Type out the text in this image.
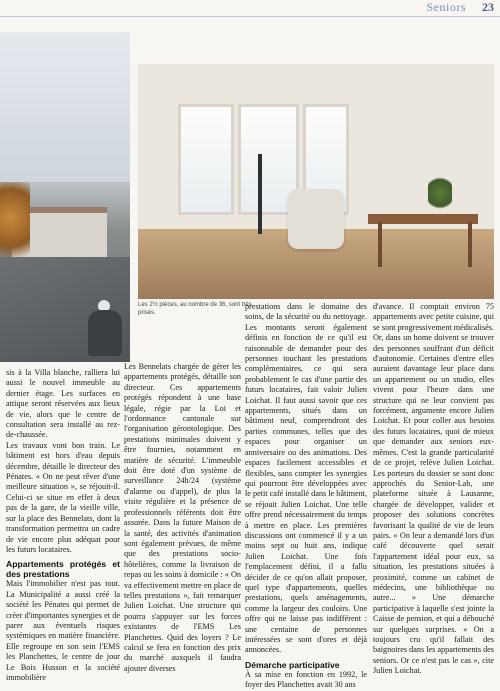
Seniors 23
Les 2½ pièces, au nombre de 36, sont très prisés.

sis à la Villa blanche, ralliera lui aussi le nouvel immeuble au dernier étage. Les surfaces en attique seront réservées aux lieux de vie, alors que le centre de consultation sera installé au rez-de-chaussée.

Les travaux vont bon train. Le bâtiment est hors d'eau depuis décembre, détaille le directeur des Pénates. « On ne peut rêver d'une meilleure situation », se réjouit-il. Celui-ci se situe en effet à deux pas de la gare, de la vieille ville, sur la place des Bennelats, dont la transformation permettra un cadre de vie encore plus adéquat pour les futurs locataires.

Appartements protégés et des prestations

Mais l'immobilier n'est pas tout. La Municipalité a aussi créé la société les Pénates qui permet de créer d'importantes synergies et de parer aux éventuels risques systémiques en matière financière. Elle regroupe en son sein l'EMS les Planchettes, le centre de jour Le Bois Husson et la société immobilière

Les Bennelats chargée de gérer les appartements protégés, détaille son directeur. Ces appartements protégés répondent à une base légale, régie par la Loi et l'ordonnance cantonale sur l'organisation gérontologique. Des prestations minimales doivent y être fournies, notamment en matière de sécurité. L'immeuble doit être doté d'un système de surveillance 24h/24 (système d'alarme ou d'appel), de plus la visite régulière et la présence de professionnels référents doit être assurée. Dans la future Maison de la santé, des activités d'animation sont également prévues, de même que des prestations socio-hôtelières, comme la livraison de repas ou les soins à domicile : « On va effectivement mettre en place de telles prestations », fait remarquer Julien Loichat. Une structure qui pourra s'appuyer sur les forces existantes de l'EMS Les Planchettes. Quid des loyers ? Le calcul se fera en fonction des prix du marché auxquels il faudra ajouter diverses

prestations dans le domaine des soins, de la sécurité ou du nettoyage. Les montants seront également définis en fonction de ce qu'il est raisonnable de demander pour des personnes touchant les prestations complémentaires, ce qui sera probablement le cas d'une partie des futurs locataires, fait valoir Julien Loichat. Il faut aussi savoir que ces appartements, situés dans un bâtiment neuf, comprendront des parties communes, telles que des espaces pour organiser un anniversaire ou des animations. Des espaces facilement accessibles et flexibles, sans compter les synergies qui pourront être développées avec le petit café installé dans le bâtiment, se réjouit Julien Loichat. Une telle offre prend nécessairement du temps à mettre en place. Les premières discussions ont commencé il y a un moins sept ou huit ans, indique Julien Loichat. Une fois l'emplacement défini, il a fallu décider de ce qu'on allait proposer, quel type d'appartements, quelles prestations, quels aménagements, comme la largeur des couloirs. Une offre qui ne laisse pas indifférent : une centaine de personnes intéressées se sont d'ores et déjà annoncées.

Démarche participative

À sa mise en fonction en 1992, le foyer des Planchettes avait 30 ans

d'avance. Il comptait environ 75 appartements avec petite cuisine, qui se sont progressivement médicalisés. Or, dans un home doivent se trouver des personnes souffrant d'un déficit d'autonomie. Certaines d'entre elles auraient davantage leur place dans un appartement ou un studio, elles vivent pour l'heure dans une structure qui ne leur convient pas forcément, argumente encore Julien Loichat. Et pour coller aux besoins des futurs locataires, quoi de mieux que demander aux seniors eux-mêmes. C'est la grande particularité de ce projet, relève Julien Loichat. Les porteurs du dossier se sont donc approchés du Senior-Lab, une plateforme située à Lausanne, chargée de développer, valider et proposer des solutions concrètes favorisant la qualité de vie de leurs pairs. « On leur a demandé lors d'un café découverte quel serait l'appartement idéal pour eux, sa situation, les prestations situées à proximité, comme un cabinet de médecins, une bibliothèque ou autre... » Une démarche participative à laquelle s'est jointe la Caisse de pension, et qui a débouché sur quelques surprises. « On a toujours cru qu'il fallait des baignoires dans les appartements des seniors. Or ce n'est pas le cas », cite Julien Loichat.
